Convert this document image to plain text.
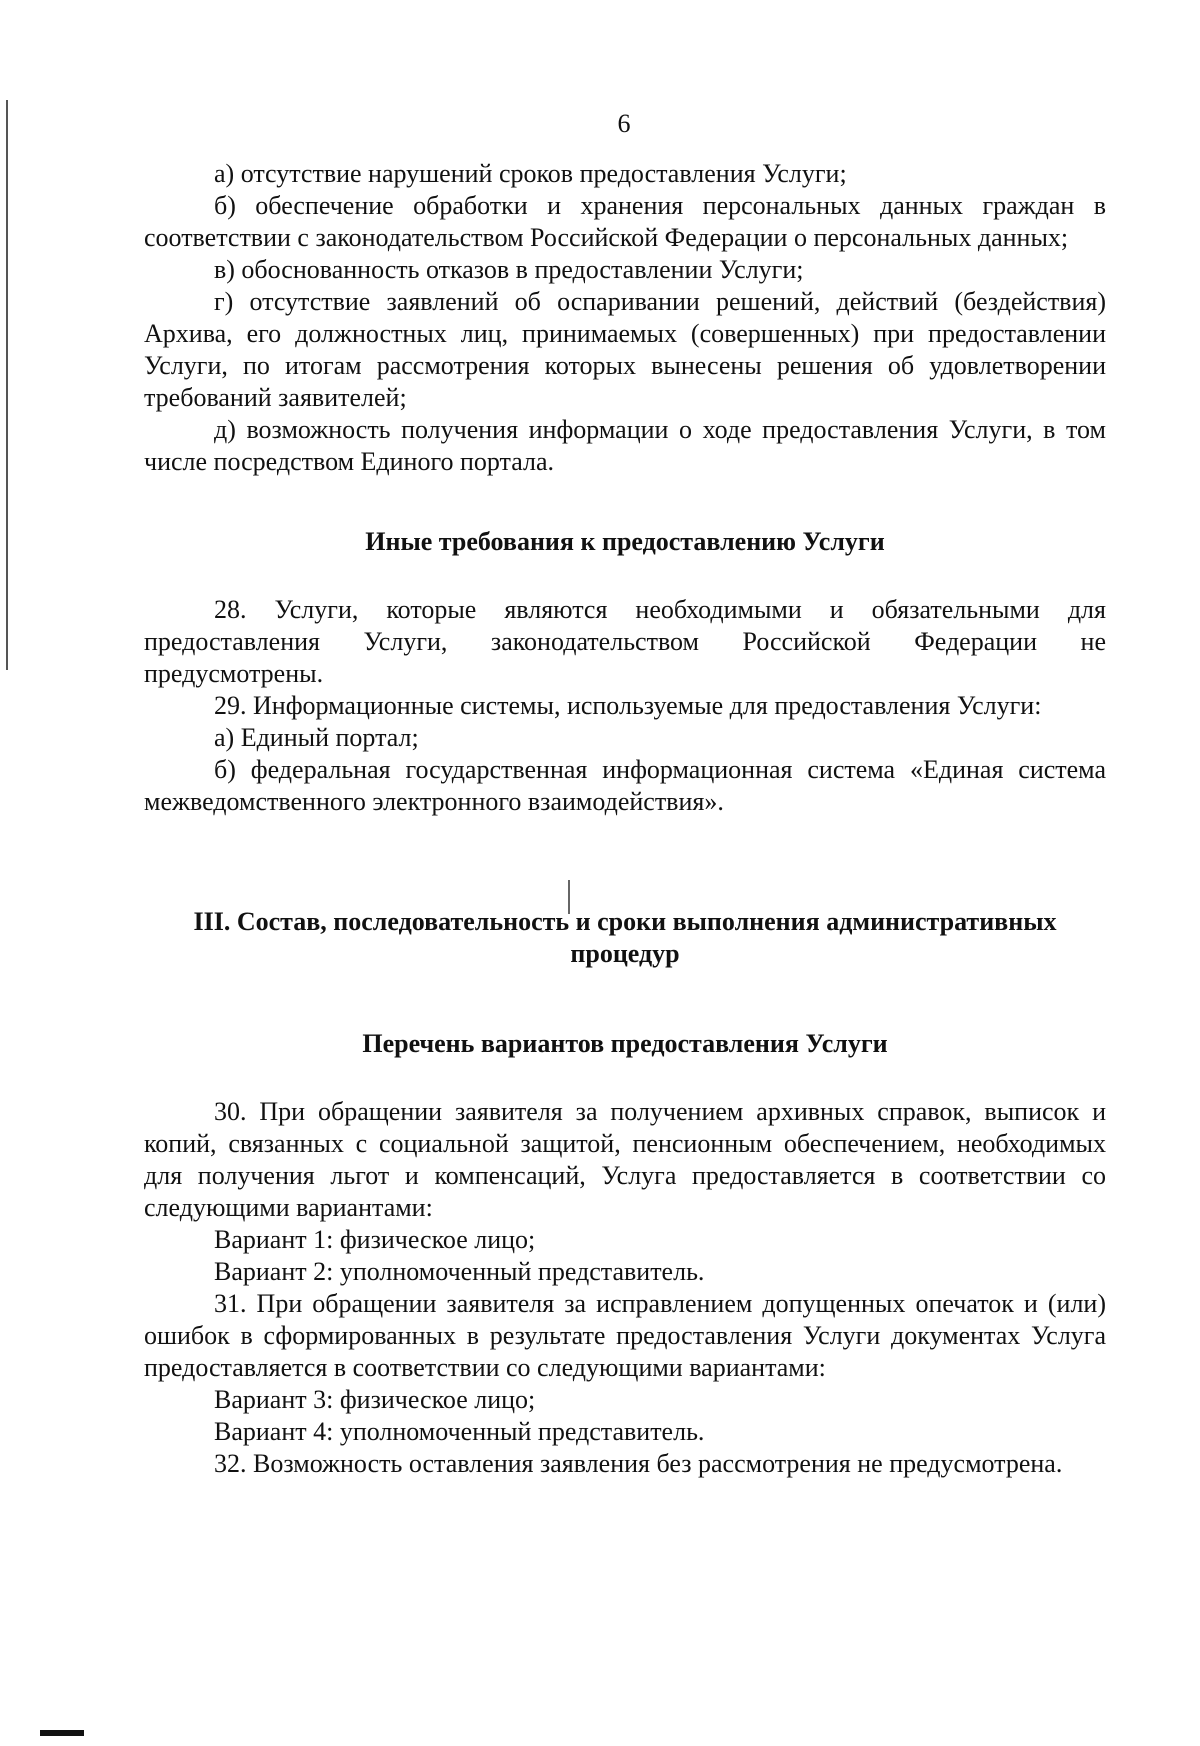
6

а) отсутствие нарушений сроков предоставления Услуги;

б) обеспечение обработки и хранения персональных данных граждан в соответствии с законодательством Российской Федерации о персональных данных;

в) обоснованность отказов в предоставлении Услуги;

г) отсутствие заявлений об оспаривании решений, действий (бездействия) Архива, его должностных лиц, принимаемых (совершенных) при предоставлении Услуги, по итогам рассмотрения которых вынесены решения об удовлетворении требований заявителей;

д) возможность получения информации о ходе предоставления Услуги, в том числе посредством Единого портала.

Иные требования к предоставлению Услуги

28. Услуги, которые являются необходимыми и обязательными для предоставления Услуги, законодательством Российской Федерации не предусмотрены.

29. Информационные системы, используемые для предоставления Услуги:

а) Единый портал;

б) федеральная государственная информационная система «Единая система межведомственного электронного взаимодействия».

III. Состав, последовательность и сроки выполнения административных

процедур

Перечень вариантов предоставления Услуги

30. При обращении заявителя за получением архивных справок, выписок и копий, связанных с социальной защитой, пенсионным обеспечением, необходимых для получения льгот и компенсаций, Услуга предоставляется в соответствии со следующими вариантами:

Вариант 1: физическое лицо;

Вариант 2: уполномоченный представитель.

31. При обращении заявителя за исправлением допущенных опечаток и (или) ошибок в сформированных в результате предоставления Услуги документах Услуга предоставляется в соответствии со следующими вариантами:

Вариант 3: физическое лицо;

Вариант 4: уполномоченный представитель.

32. Возможность оставления заявления без рассмотрения не предусмотрена.
